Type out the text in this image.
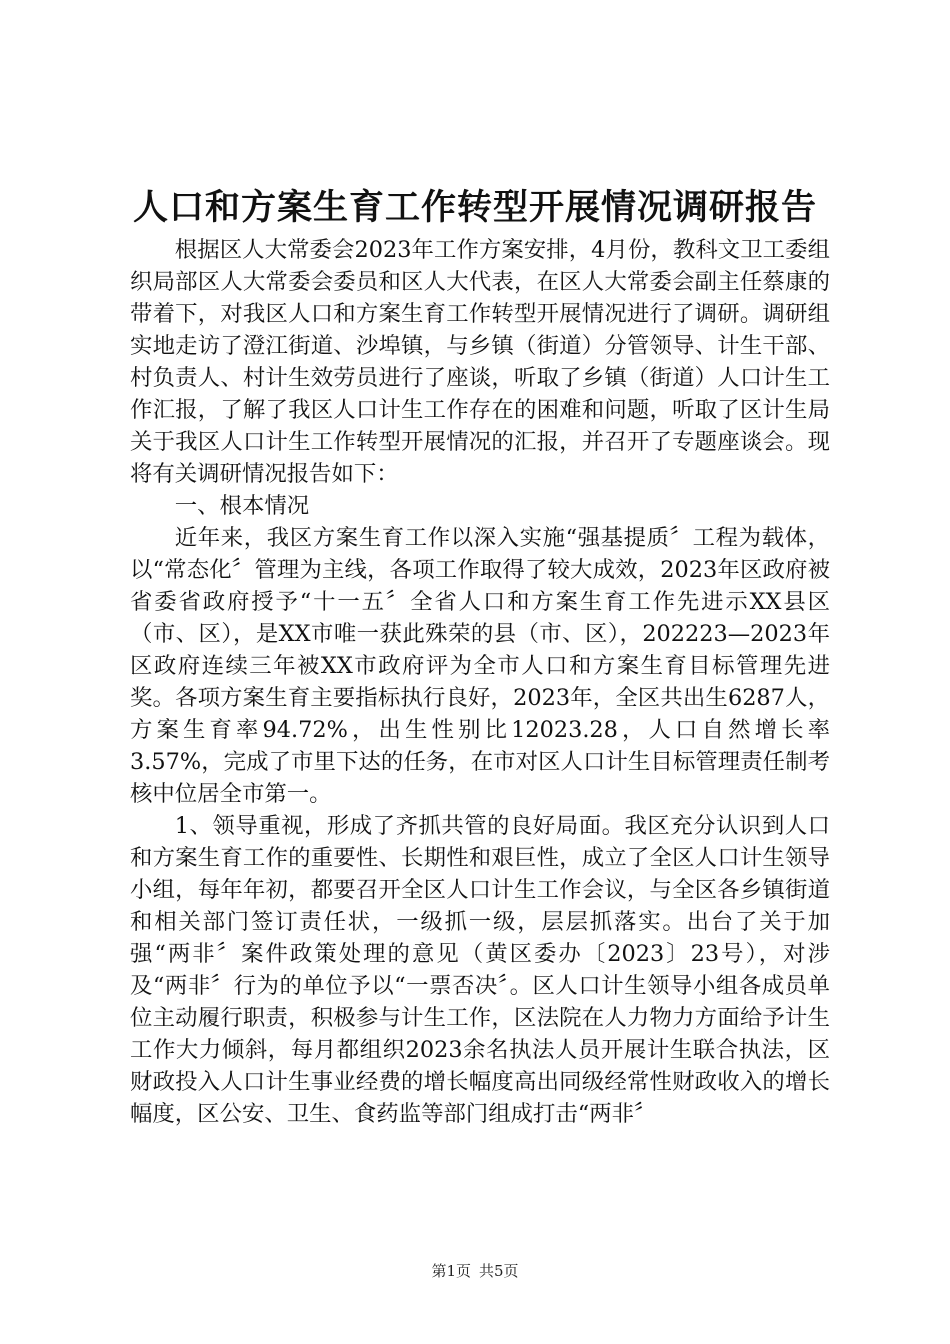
人口和方案生育工作转型开展情况调研报告

根据区人大常委会2023年工作方案安排，4月份，教科文卫工委组织局部区人大常委会委员和区人大代表，在区人大常委会副主任蔡康的带着下，对我区人口和方案生育工作转型开展情况进行了调研。调研组实地走访了澄江街道、沙埠镇，与乡镇（街道）分管领导、计生干部、村负责人、村计生效劳员进行了座谈，听取了乡镇（街道）人口计生工作汇报，了解了我区人口计生工作存在的困难和问题，听取了区计生局关于我区人口计生工作转型开展情况的汇报，并召开了专题座谈会。现将有关调研情况报告如下：

一、根本情况

近年来，我区方案生育工作以深入实施“强基提质〞工程为载体，以“常态化〞管理为主线，各项工作取得了较大成效，2023年区政府被省委省政府授予“十一五〞全省人口和方案生育工作先进示XX县区（市、区），是XX市唯一获此殊荣的县（市、区），202223—2023年区政府连续三年被XX市政府评为全市人口和方案生育目标管理先进奖。各项方案生育主要指标执行良好，2023年，全区共出生6287人，方案生育率94.72%，出生性别比12023.28，人口自然增长率3.57%，完成了市里下达的任务，在市对区人口计生目标管理责任制考核中位居全市第一。

1、领导重视，形成了齐抓共管的良好局面。我区充分认识到人口和方案生育工作的重要性、长期性和艰巨性，成立了全区人口计生领导小组，每年年初，都要召开全区人口计生工作会议，与全区各乡镇街道和相关部门签订责任状，一级抓一级，层层抓落实。出台了关于加强“两非〞案件政策处理的意见（黄区委办〔2023〕23号），对涉及“两非〞行为的单位予以“一票否决〞。区人口计生领导小组各成员单位主动履行职责，积极参与计生工作，区法院在人力物力方面给予计生工作大力倾斜，每月都组织2023余名执法人员开展计生联合执法，区财政投入人口计生事业经费的增长幅度高出同级经常性财政收入的增长幅度，区公安、卫生、食药监等部门组成打击“两非〞

第1页 共5页
